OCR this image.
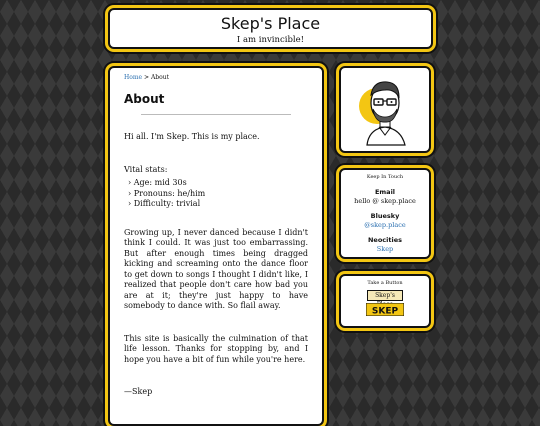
Skep's Place
I am invincible!
Home > About
About

Hi all. I'm Skep. This is my place.

Vital stats:

› Age: mid 30s
› Pronouns: he/him
› Difficulty: trivial

Growing up, I never danced because I didn't think I could. It was just too embarrassing. But after enough times being dragged kicking and screaming onto the dance floor to get down to songs I thought I didn't like, I realized that people don't care how bad you are at it; they're just happy to have somebody to dance with. So flail away.

This site is basically the culmination of that life lesson. Thanks for stopping by, and I hope you have a bit of fun while you're here.

—Skep

Keep In Touch
Email
hello @ skep.place
Bluesky
@skep.place
Neocities
Skep
Take a Button
Skep's
SKEP
